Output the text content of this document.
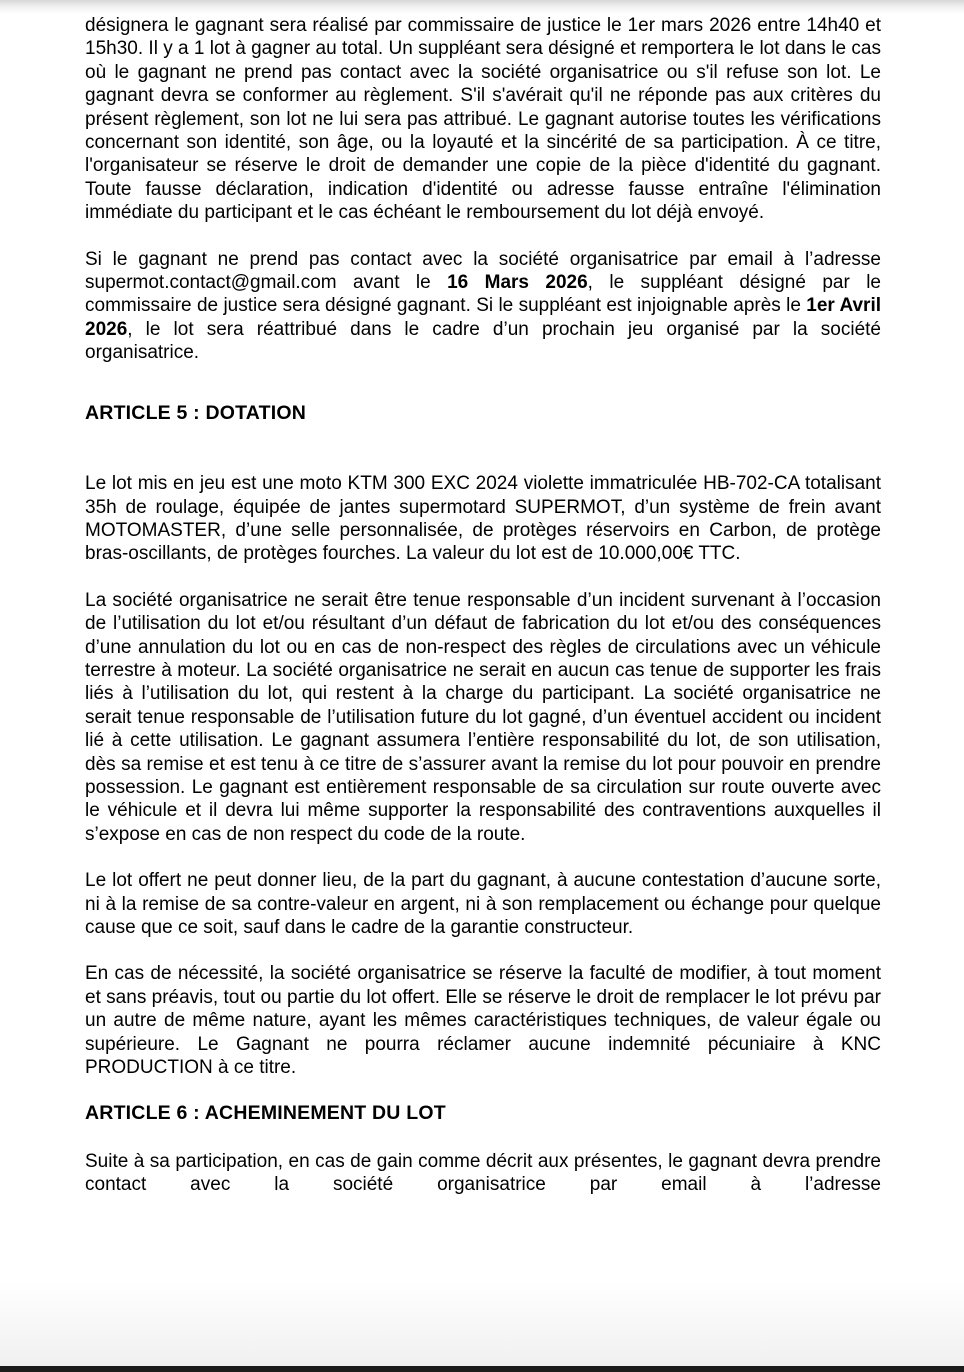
désignera le gagnant sera réalisé par commissaire de justice le 1er mars 2026 entre 14h40 et 15h30. Il y a 1 lot à gagner au total. Un suppléant sera désigné et remportera le lot dans le cas où le gagnant ne prend pas contact avec la société organisatrice ou s'il refuse son lot. Le gagnant devra se conformer au règlement. S'il s'avérait qu'il ne réponde pas aux critères du présent règlement, son lot ne lui sera pas attribué. Le gagnant autorise toutes les vérifications concernant son identité, son âge, ou la loyauté et la sincérité de sa participation. À ce titre, l'organisateur se réserve le droit de demander une copie de la pièce d'identité du gagnant. Toute fausse déclaration, indication d'identité ou adresse fausse entraîne l'élimination immédiate du participant et le cas échéant le remboursement du lot déjà envoyé.

Si le gagnant ne prend pas contact avec la société organisatrice par email à l’adresse supermot.contact@gmail.com avant le 16 Mars 2026, le suppléant désigné par le commissaire de justice sera désigné gagnant. Si le suppléant est injoignable après le 1er Avril 2026, le lot sera réattribué dans le cadre d’un prochain jeu organisé par la société organisatrice.

ARTICLE 5 : DOTATION

Le lot mis en jeu est une moto KTM 300 EXC 2024 violette immatriculée HB-702-CA totalisant 35h de roulage, équipée de jantes supermotard SUPERMOT, d’un système de frein avant MOTOMASTER, d’une selle personnalisée, de protèges réservoirs en Carbon, de protège bras-oscillants, de protèges fourches. La valeur du lot est de 10.000,00€ TTC.

La société organisatrice ne serait être tenue responsable d’un incident survenant à l’occasion de l’utilisation du lot et/ou résultant d’un défaut de fabrication du lot et/ou des conséquences d’une annulation du lot ou en cas de non-respect des règles de circulations avec un véhicule terrestre à moteur. La société organisatrice ne serait en aucun cas tenue de supporter les frais liés à l’utilisation du lot, qui restent à la charge du participant. La société organisatrice ne serait tenue responsable de l’utilisation future du lot gagné, d’un éventuel accident ou incident lié à cette utilisation. Le gagnant assumera l’entière responsabilité du lot, de son utilisation, dès sa remise et est tenu à ce titre de s’assurer avant la remise du lot pour pouvoir en prendre possession. Le gagnant est entièrement responsable de sa circulation sur route ouverte avec le véhicule et il devra lui même supporter la responsabilité des contraventions auxquelles il s’expose en cas de non respect du code de la route.

Le lot offert ne peut donner lieu, de la part du gagnant, à aucune contestation d’aucune sorte, ni à la remise de sa contre-valeur en argent, ni à son remplacement ou échange pour quelque cause que ce soit, sauf dans le cadre de la garantie constructeur.

En cas de nécessité, la société organisatrice se réserve la faculté de modifier, à tout moment et sans préavis, tout ou partie du lot offert. Elle se réserve le droit de remplacer le lot prévu par un autre de même nature, ayant les mêmes caractéristiques techniques, de valeur égale ou supérieure. Le Gagnant ne pourra réclamer aucune indemnité pécuniaire à KNC PRODUCTION à ce titre.

ARTICLE 6 : ACHEMINEMENT DU LOT

Suite à sa participation, en cas de gain comme décrit aux présentes, le gagnant devra prendre contact avec la société organisatrice par email à l’adresse
